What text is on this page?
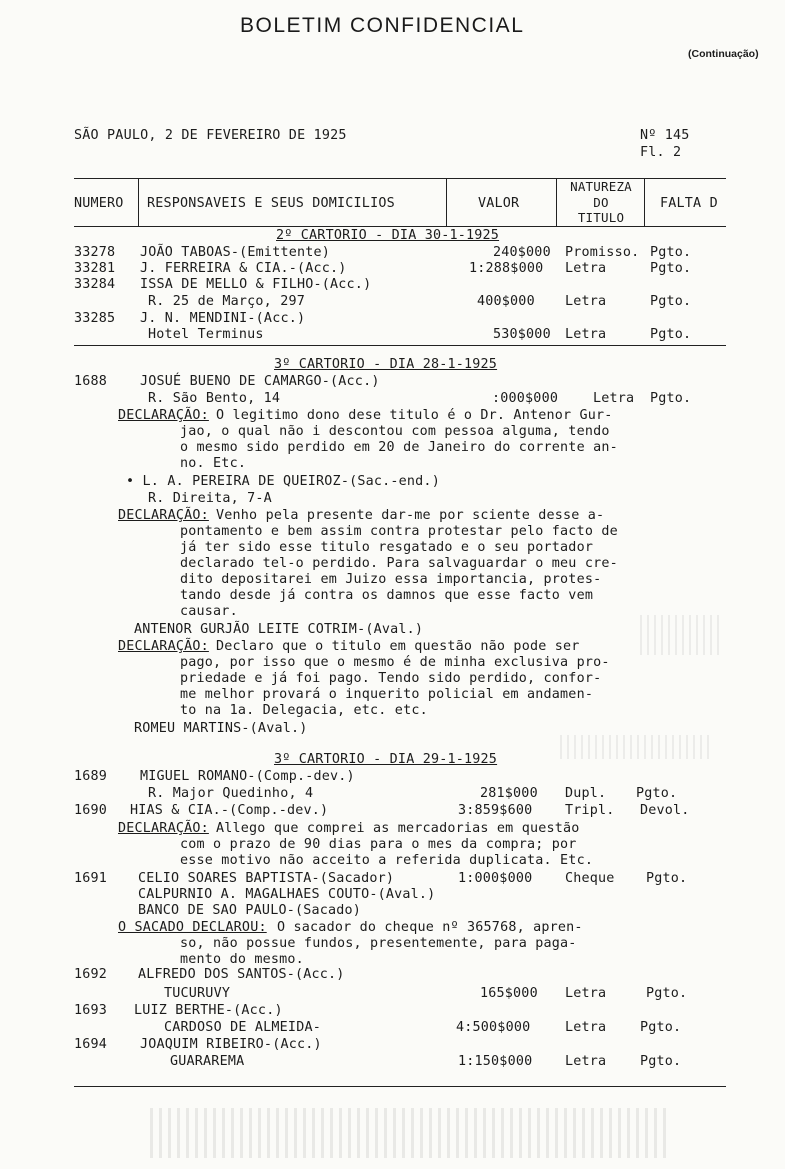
BOLETIM CONFIDENCIAL
(Continuação)
SÃO PAULO, 2 DE FEVEREIRO DE 1925	Nº 145
Fl. 2
NUMERO RESPONSAVEIS E SEUS DOMICILIOS	VALOR
NATUREZA
DO
TITULO
FALTA D
2º CARTORIO - DIA 30-1-1925
33278 JOÃO TABOAS-(Emittente)	240$000 Promisso. Pgto.
33281 J. FERREIRA & CIA.-(Acc.)	1:288$000 Letra	Pgto.
33284 ISSA DE MELLO & FILHO-(Acc.)
R. 25 de Março, 297	400$000 Letra	Pgto.
33285 J. N. MENDINI-(Acc.)
Hotel Terminus	530$000 Letra	Pgto.
3º CARTORIO - DIA 28-1-1925
1688 JOSUÉ BUENO DE CAMARGO-(Acc.)
R. São Bento, 14	:000$000	Letra Pgto.
DECLARAÇÃO: O legitimo dono dese titulo é o Dr. Antenor Gur-
jao, o qual não i descontou com pessoa alguma, tendo
o mesmo sido perdido em 20 de Janeiro do corrente an-
no. Etc.
• L. A. PEREIRA DE QUEIROZ-(Sac.-end.)
R. Direita, 7-A
DECLARAÇÃO: Venho pela presente dar-me por sciente desse a-
pontamento e bem assim contra protestar pelo facto de
já ter sido esse titulo resgatado e o seu portador
declarado tel-o perdido. Para salvaguardar o meu cre-
dito depositarei em Juizo essa importancia, protes-
tando desde já contra os damnos que esse facto vem
causar.
ANTENOR GURJÃO LEITE COTRIM-(Aval.)
DECLARAÇÃO: Declaro que o titulo em questão não pode ser
pago, por isso que o mesmo é de minha exclusiva pro-
priedade e já foi pago. Tendo sido perdido, confor-
me melhor provará o inquerito policial em andamen-
to na 1a. Delegacia, etc. etc.
ROMEU MARTINS-(Aval.)
3º CARTORIO - DIA 29-1-1925
1689 MIGUEL ROMANO-(Comp.-dev.)
R. Major Quedinho, 4	281$000 Dupl. Pgto.
1690 HIAS & CIA.-(Comp.-dev.)	3:859$600 Tripl. Devol.
DECLARAÇÃO: Allego que comprei as mercadorias em questão
com o prazo de 90 dias para o mes da compra; por
esse motivo não acceito a referida duplicata. Etc.
1691 CELIO SOARES BAPTISTA-(Sacador)	1:000$000 Cheque Pgto.
CALPURNIO A. MAGALHAES COUTO-(Aval.)
BANCO DE SAO PAULO-(Sacado)
O SACADO DECLAROU: O sacador do cheque nº 365768, apren-
so, não possue fundos, presentemente, para paga-
mento do mesmo.
1692 ALFREDO DOS SANTOS-(Acc.)
TUCURUVY	165$000 Letra	Pgto.
1693 LUIZ BERTHE-(Acc.)
CARDOSO DE ALMEIDA-	4:500$000	Letra	Pgto.
1694 JOAQUIM RIBEIRO-(Acc.)
GUARAREMA	1:150$000 Letra	Pgto.
